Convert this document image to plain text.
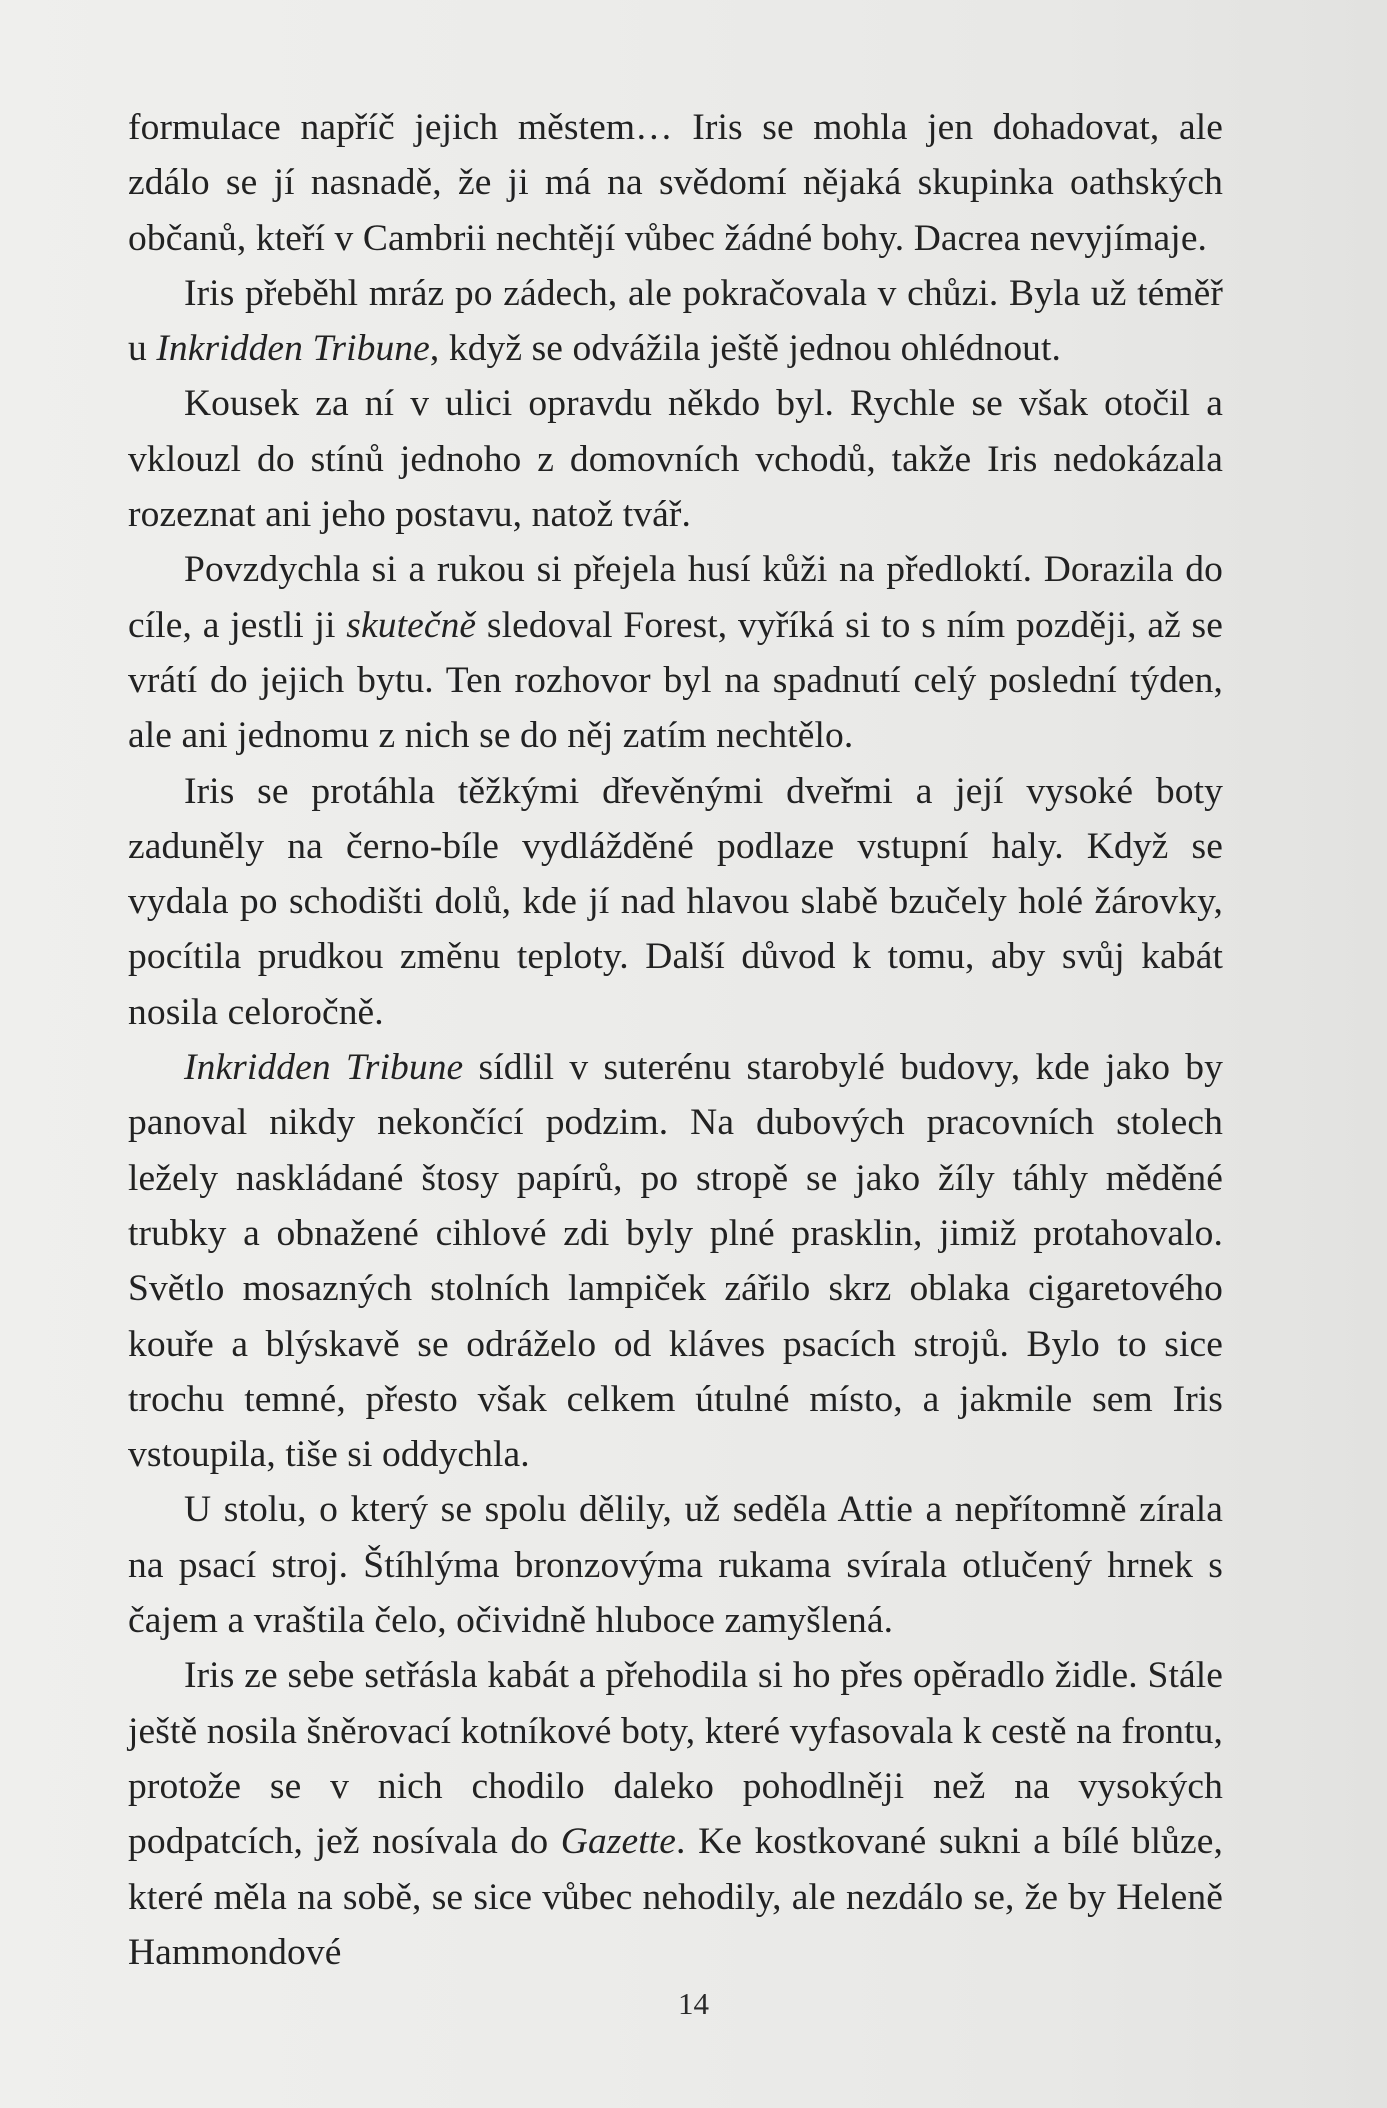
formulace napříč jejich městem… Iris se mohla jen dohadovat, ale zdálo se jí nasnadě, že ji má na svědomí nějaká skupinka oathských občanů, kteří v Cambrii nechtějí vůbec žádné bohy. Dacrea nevyjímaje.

Iris přeběhl mráz po zádech, ale pokračovala v chůzi. Byla už téměř u Inkridden Tribune, když se odvážila ještě jednou ohlédnout.

Kousek za ní v ulici opravdu někdo byl. Rychle se však otočil a vklouzl do stínů jednoho z domovních vchodů, takže Iris nedokázala rozeznat ani jeho postavu, natož tvář.

Povzdychla si a rukou si přejela husí kůži na předloktí. Dorazila do cíle, a jestli ji skutečně sledoval Forest, vyříká si to s ním později, až se vrátí do jejich bytu. Ten rozhovor byl na spadnutí celý poslední týden, ale ani jednomu z nich se do něj zatím nechtělo.

Iris se protáhla těžkými dřevěnými dveřmi a její vysoké boty zaduněly na černo-bíle vydlážděné podlaze vstupní haly. Když se vydala po schodišti dolů, kde jí nad hlavou slabě bzučely holé žárovky, pocítila prudkou změnu teploty. Další důvod k tomu, aby svůj kabát nosila celoročně.

Inkridden Tribune sídlil v suterénu starobylé budovy, kde jako by panoval nikdy nekončící podzim. Na dubových pracovních stolech ležely naskládané štosy papírů, po stropě se jako žíly táhly měděné trubky a obnažené cihlové zdi byly plné prasklin, jimiž protahovalo. Světlo mosazných stolních lampiček zářilo skrz oblaka cigaretového kouře a blýskavě se odráželo od kláves psacích strojů. Bylo to sice trochu temné, přesto však celkem útulné místo, a jakmile sem Iris vstoupila, tiše si oddychla.

U stolu, o který se spolu dělily, už seděla Attie a nepřítomně zírala na psací stroj. Štíhlýma bronzovýma rukama svírala otlučený hrnek s čajem a vraštila čelo, očividně hluboce zamyšlená.

Iris ze sebe setřásla kabát a přehodila si ho přes opěradlo židle. Stále ještě nosila šněrovací kotníkové boty, které vyfasovala k cestě na frontu, protože se v nich chodilo daleko pohodlněji než na vysokých podpatcích, jež nosívala do Gazette. Ke kostkované sukni a bílé blůze, které měla na sobě, se sice vůbec nehodily, ale nezdálo se, že by Heleně Hammondové

14
